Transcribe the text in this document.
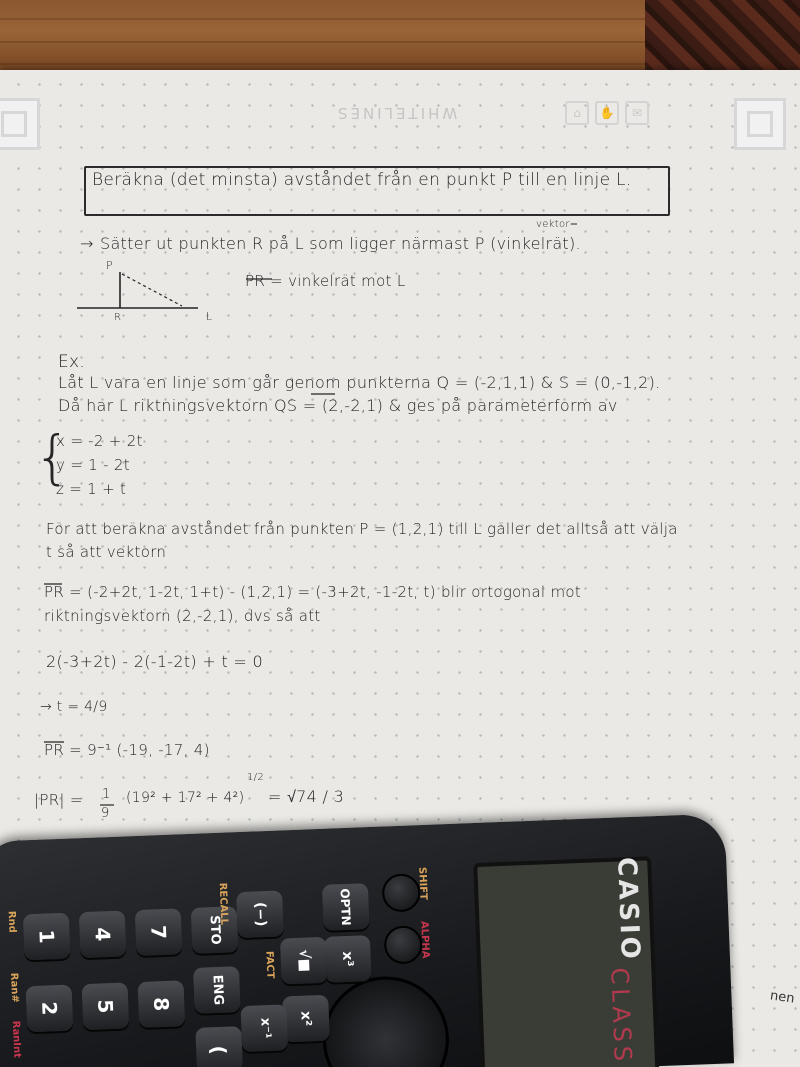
WHITELINES	⌂	✋	✉
Beräkna (det minsta) avståndet från en punkt P till en linje L.
vektor=
→ Sätter ut punkten R på L som ligger närmast P (vinkelrät).
P
R	L
PR = vinkelrät mot L
Ex.
Låt L vara en linje som går genom punkterna Q = (-2,1,1) & S = (0,-1,2).
Då har L riktningsvektorn QS = (2,-2,1) & ges på parameterform av
{
x = -2 + 2t
y = 1 - 2t
z = 1 + t
För att beräkna avståndet från punkten P = (1,2,1) till L gäller det alltså att välja
t så att vektorn
PR = (-2+2t, 1-2t, 1+t) - (1,2,1) = (-3+2t, -1-2t, t) blir ortogonal mot
riktningsvektorn (2,-2,1), dvs så att
2(-3+2t) - 2(-1-2t) + t = 0
→ t = 4/9
PR = 9⁻¹ (-19, -17, 4)
|PR| = 1
9
(19² + 17² + 4²)
1/2
= √74 / 3
nen
CASIO
CLASS
SHIFT
ALPHA
1	4	7
2	5	8
STO
ENG
(
(−)	OPTN
x³
√■
x²
x⁻¹
RECALL
FACT
Rnd
Ran#
RanInt
